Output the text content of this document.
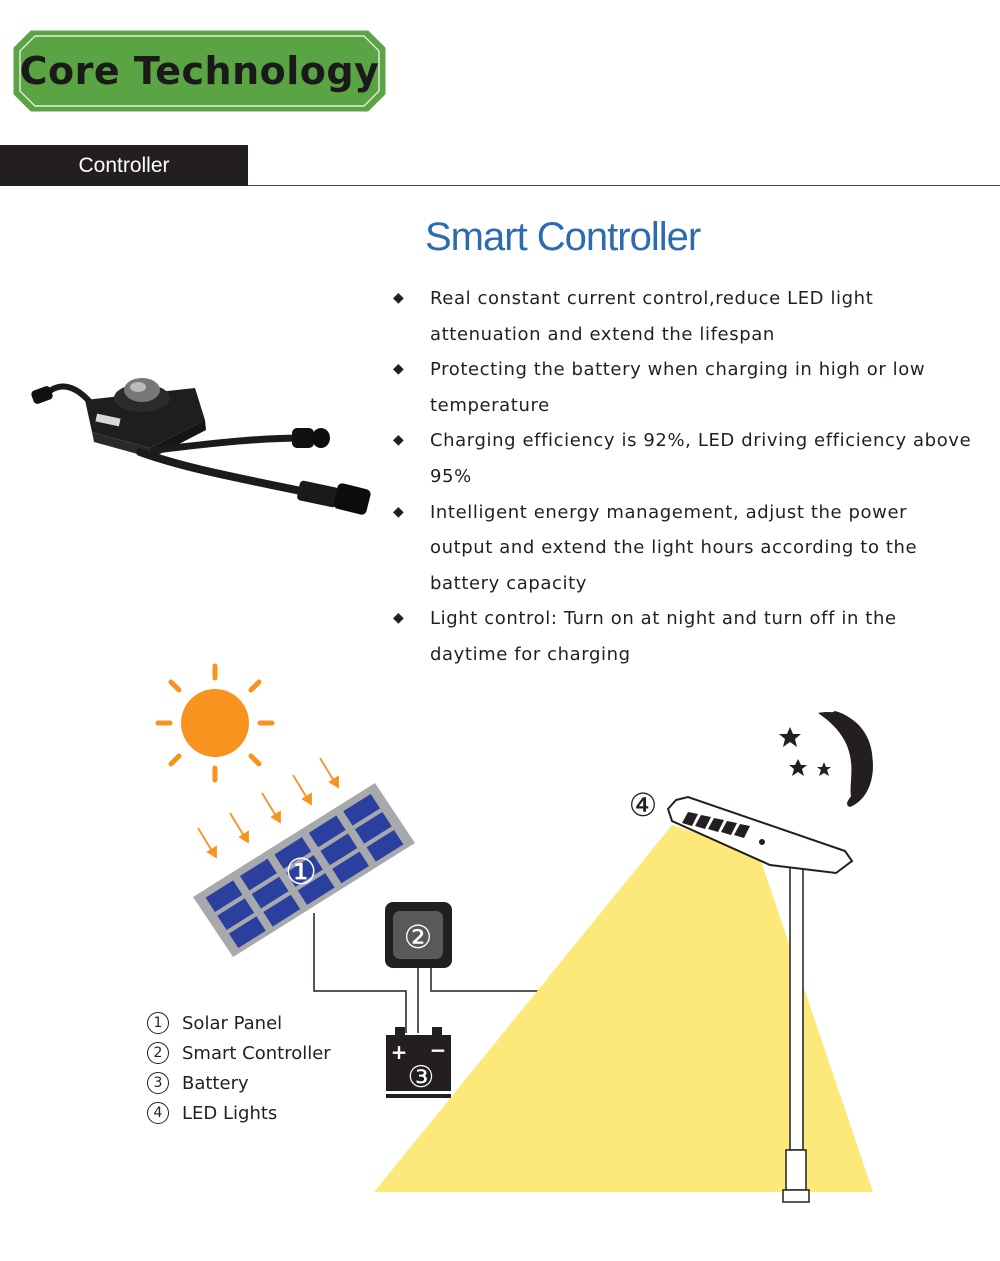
Core Technology
Controller
Smart Controller
◆ Real constant current control,reduce LED light
attenuation and extend the lifespan
◆ Protecting the battery when charging in high or low
temperature
◆ Charging efficiency is 92%, LED driving efficiency above
95%
◆ Intelligent energy management, adjust the power
output and extend the light hours according to the
battery capacity
◆ Light control: Turn on at night and turn off in the
daytime for charging
①
②
+ −
③
④
1	Solar Panel
2	Smart Controller
3	Battery
4	LED Lights
